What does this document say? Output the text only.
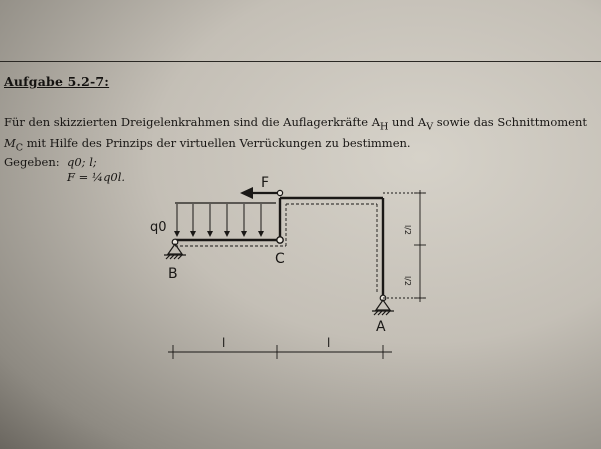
Aufgabe 5.2-7:
Für den skizzierten Dreigelenkrahmen sind die Auflagerkräfte $A_H$ und $A_V$ sowie das Schnittmoment
$M_C$ mit Hilfe des Prinzips der virtuellen Verrückungen zu bestimmen.
Gegeben: q0; l;
F = ¼q0l.	F
q0
B
C
A
l	l
l/2
l/2
